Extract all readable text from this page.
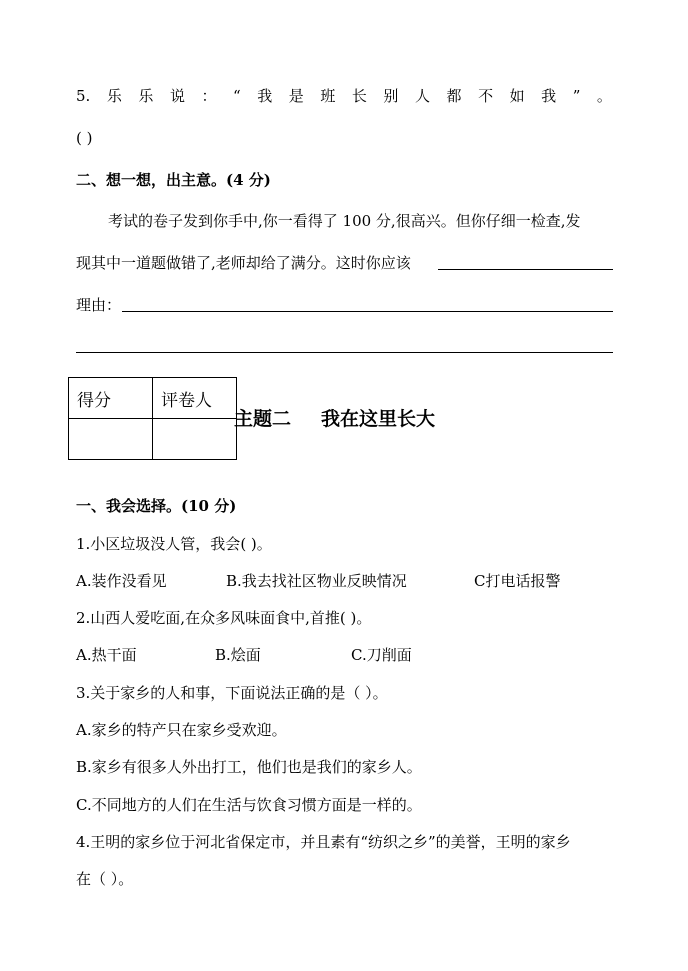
5. 乐 乐 说 ： “ 我 是 班 长 别 人 都 不 如 我 ” 。
( )
二、想一想，出主意。(4 分)
考试的卷子发到你手中,你一看得了 100 分,很高兴。但你仔细一检查,发
现其中一道题做错了,老师却给了满分。这时你应该
理由：
得分	评卷人

主题二 我在这里长大
一、我会选择。(10 分)
1.小区垃圾没人管，我会( )。
A.装作没看见	B.我去找社区物业反映情况	C打电话报警
2.山西人爱吃面,在众多风味面食中,首推( )。
A.热干面	B.烩面	C.刀削面
3.关于家乡的人和事，下面说法正确的是（ ）。
A.家乡的特产只在家乡受欢迎。
B.家乡有很多人外出打工，他们也是我们的家乡人。
C.不同地方的人们在生活与饮食习惯方面是一样的。
4.王明的家乡位于河北省保定市，并且素有“纺织之乡”的美誉，王明的家乡
在（ ）。
